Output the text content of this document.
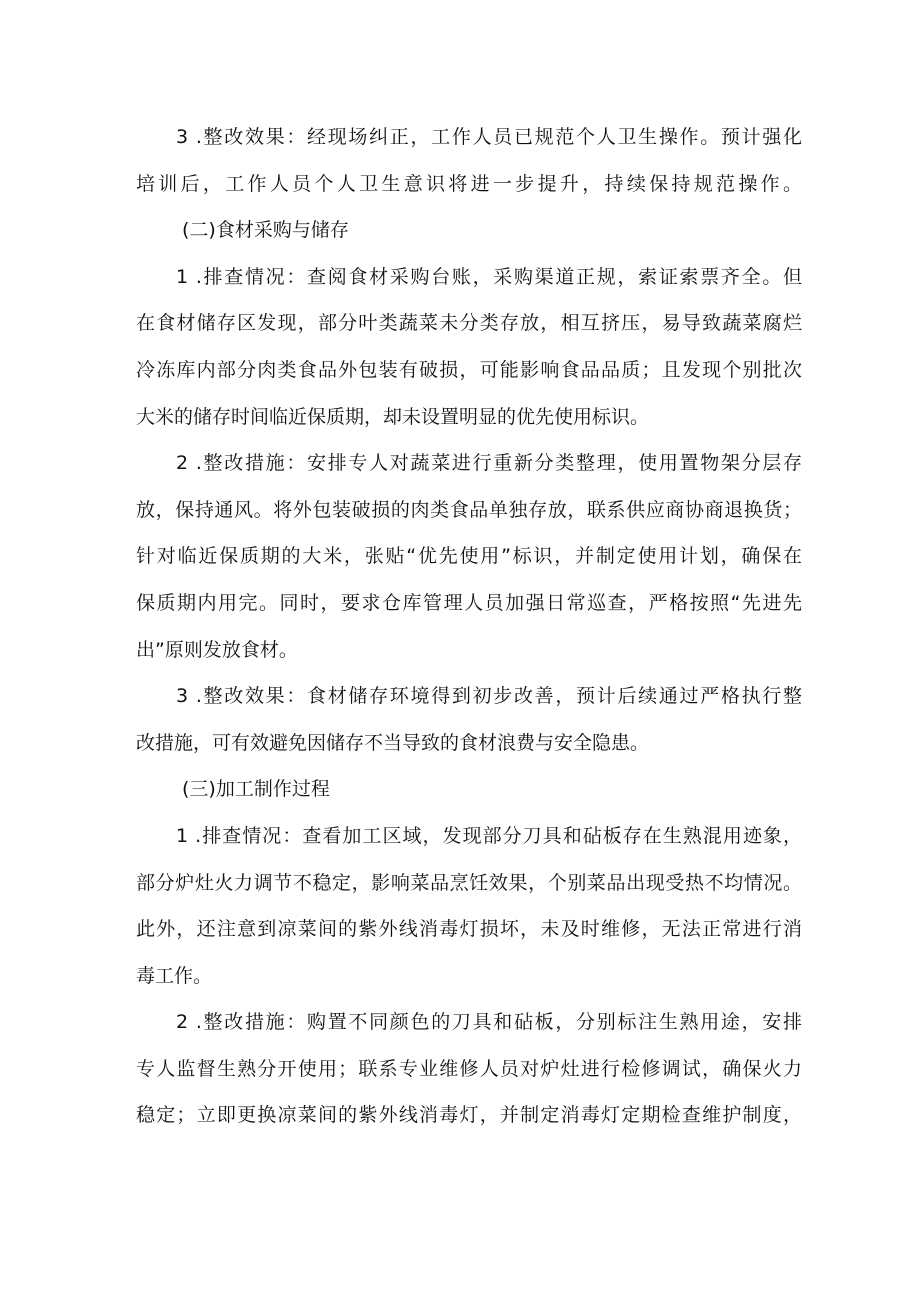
3 .整改效果：经现场纠正，工作人员已规范个人卫生操作。预计强化
培训后，工作人员个人卫生意识将进一步提升，持续保持规范操作。
(二)食材采购与储存
1 .排查情况：查阅食材采购台账，采购渠道正规，索证索票齐全。但
在食材储存区发现，部分叶类蔬菜未分类存放，相互挤压，易导致蔬菜腐烂
冷冻库内部分肉类食品外包装有破损，可能影响食品品质；且发现个别批次
大米的储存时间临近保质期，却未设置明显的优先使用标识。
2 .整改措施：安排专人对蔬菜进行重新分类整理，使用置物架分层存
放，保持通风。将外包装破损的肉类食品单独存放，联系供应商协商退换货；
针对临近保质期的大米，张贴“优先使用”标识，并制定使用计划，确保在
保质期内用完。同时，要求仓库管理人员加强日常巡查，严格按照“先进先
出”原则发放食材。
3 .整改效果：食材储存环境得到初步改善，预计后续通过严格执行整
改措施，可有效避免因储存不当导致的食材浪费与安全隐患。
(三)加工制作过程
1 .排查情况：查看加工区域，发现部分刀具和砧板存在生熟混用迹象，
部分炉灶火力调节不稳定，影响菜品烹饪效果，个别菜品出现受热不均情况。
此外，还注意到凉菜间的紫外线消毒灯损坏，未及时维修，无法正常进行消
毒工作。
2 .整改措施：购置不同颜色的刀具和砧板，分别标注生熟用途，安排
专人监督生熟分开使用；联系专业维修人员对炉灶进行检修调试，确保火力
稳定；立即更换凉菜间的紫外线消毒灯，并制定消毒灯定期检查维护制度，
